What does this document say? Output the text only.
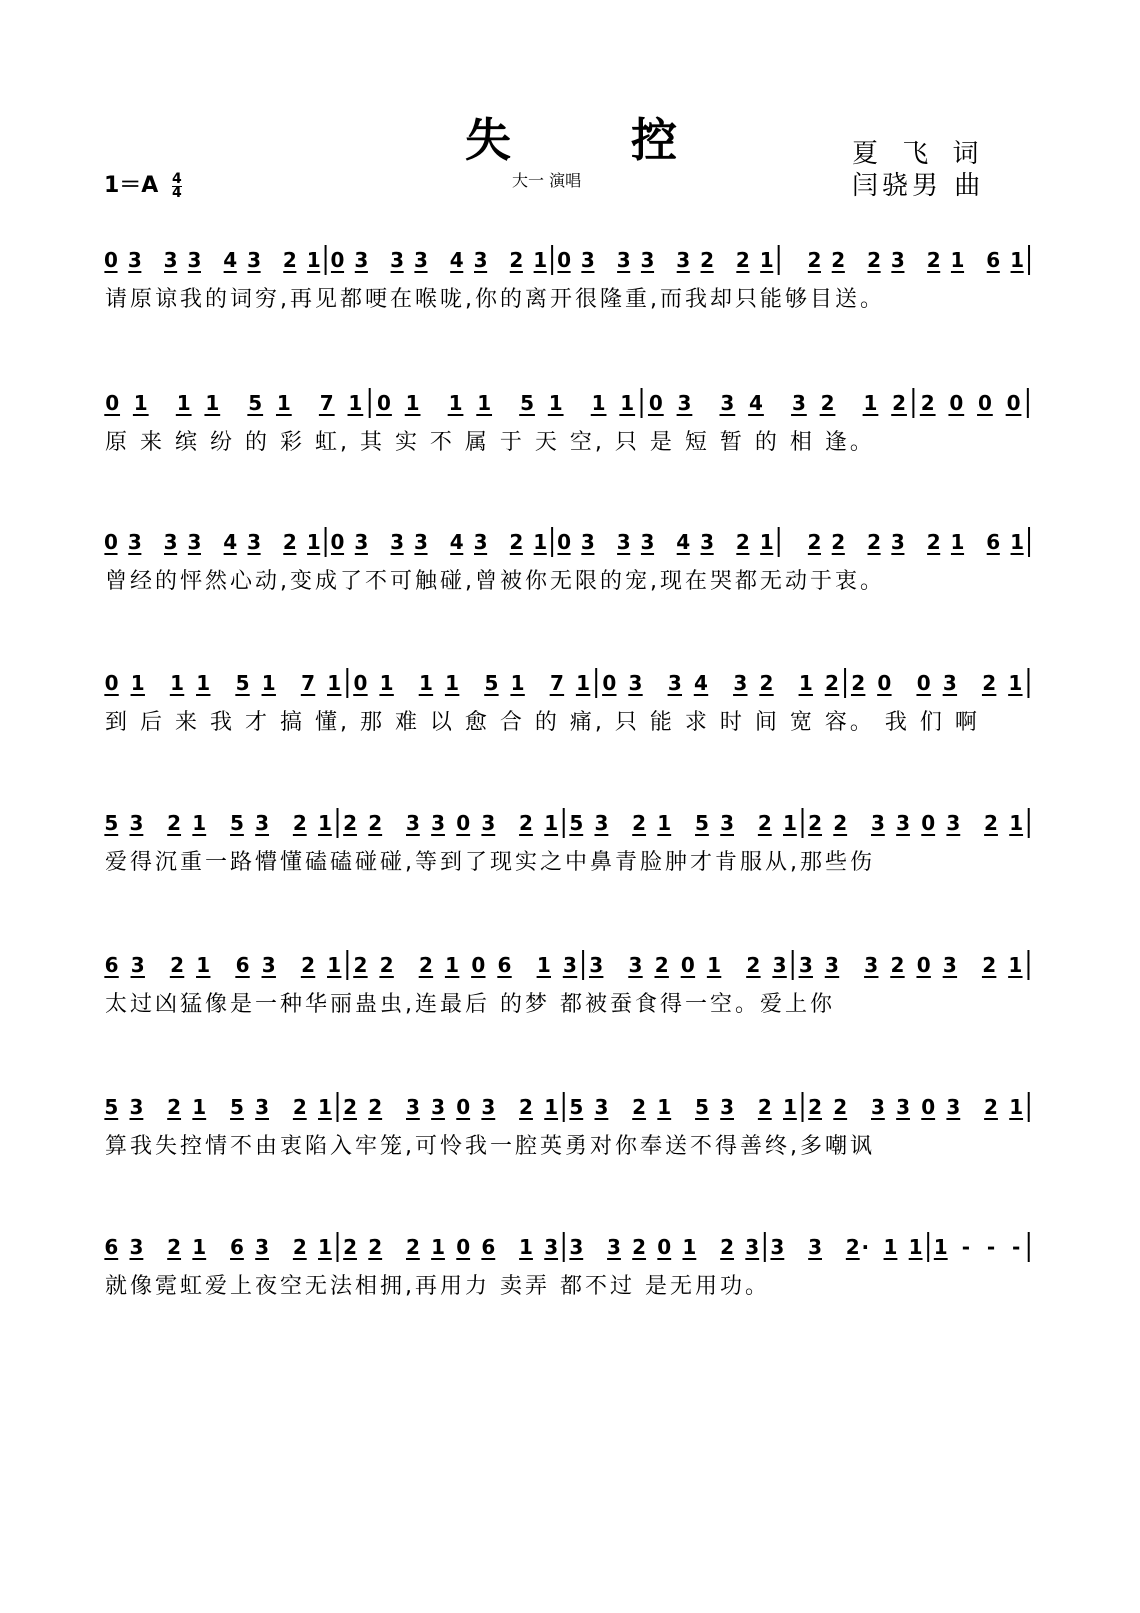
失 控	夏 飞 词
闫骁男 曲
$1=A \frac{4}{4}$	大一 演唱
0 3 3 3 4 3 2 1 0 3 3 3 4 3 2 1 0 3 3 3 3 2 2 1 2 2 2 3 2 1 6 1
请原谅我的词穷,再见都哽在喉咙,你的离开很隆重,而我却只能够目送。
0 1 1 1 5 1 7 1 0 1 1 1 5 1 1 1 0 3 3 4 3 2 1 2 2 0 0 0
原 来 缤 纷 的 彩 虹, 其 实 不 属 于 天 空, 只 是 短 暂 的 相 逢。
0 3 3 3 4 3 2 1 0 3 3 3 4 3 2 1 0 3 3 3 4 3 2 1 2 2 2 3 2 1 6 1
曾经的怦然心动,变成了不可触碰,曾被你无限的宠,现在哭都无动于衷。
0 1 1 1 5 1 7 1 0 1 1 1 5 1 7 1 0 3 3 4 3 2 1 2 2 0 0 3 2 1
到 后 来 我 才 搞 懂, 那 难 以 愈 合 的 痛, 只 能 求 时 间 宽 容。 我 们 啊
5 3 2 1 5 3 2 1 2 2 3 3 0 3 2 1 5 3 2 1 5 3 2 1 2 2 3 3 0 3 2 1
爱得沉重一路懵懂磕磕碰碰,等到了现实之中鼻青脸肿才肯服从,那些伤
6 3 2 1 6 3 2 1 2 2 2 1 0 6 1 3 3 3 2 0 1 2 3 3 3 3 2 0 3 2 1
太过凶猛像是一种华丽蛊虫,连最后 的梦 都被蚕食得一空。爱上你
5 3 2 1 5 3 2 1 2 2 3 3 0 3 2 1 5 3 2 1 5 3 2 1 2 2 3 3 0 3 2 1
算我失控情不由衷陷入牢笼,可怜我一腔英勇对你奉送不得善终,多嘲讽
6 3 2 1 6 3 2 1 2 2 2 1 0 6 1 3 3 3 2 0 1 2 3 3 3 2 · 1 1 1 - - -
就像霓虹爱上夜空无法相拥,再用力 卖弄 都不过 是无用功。
